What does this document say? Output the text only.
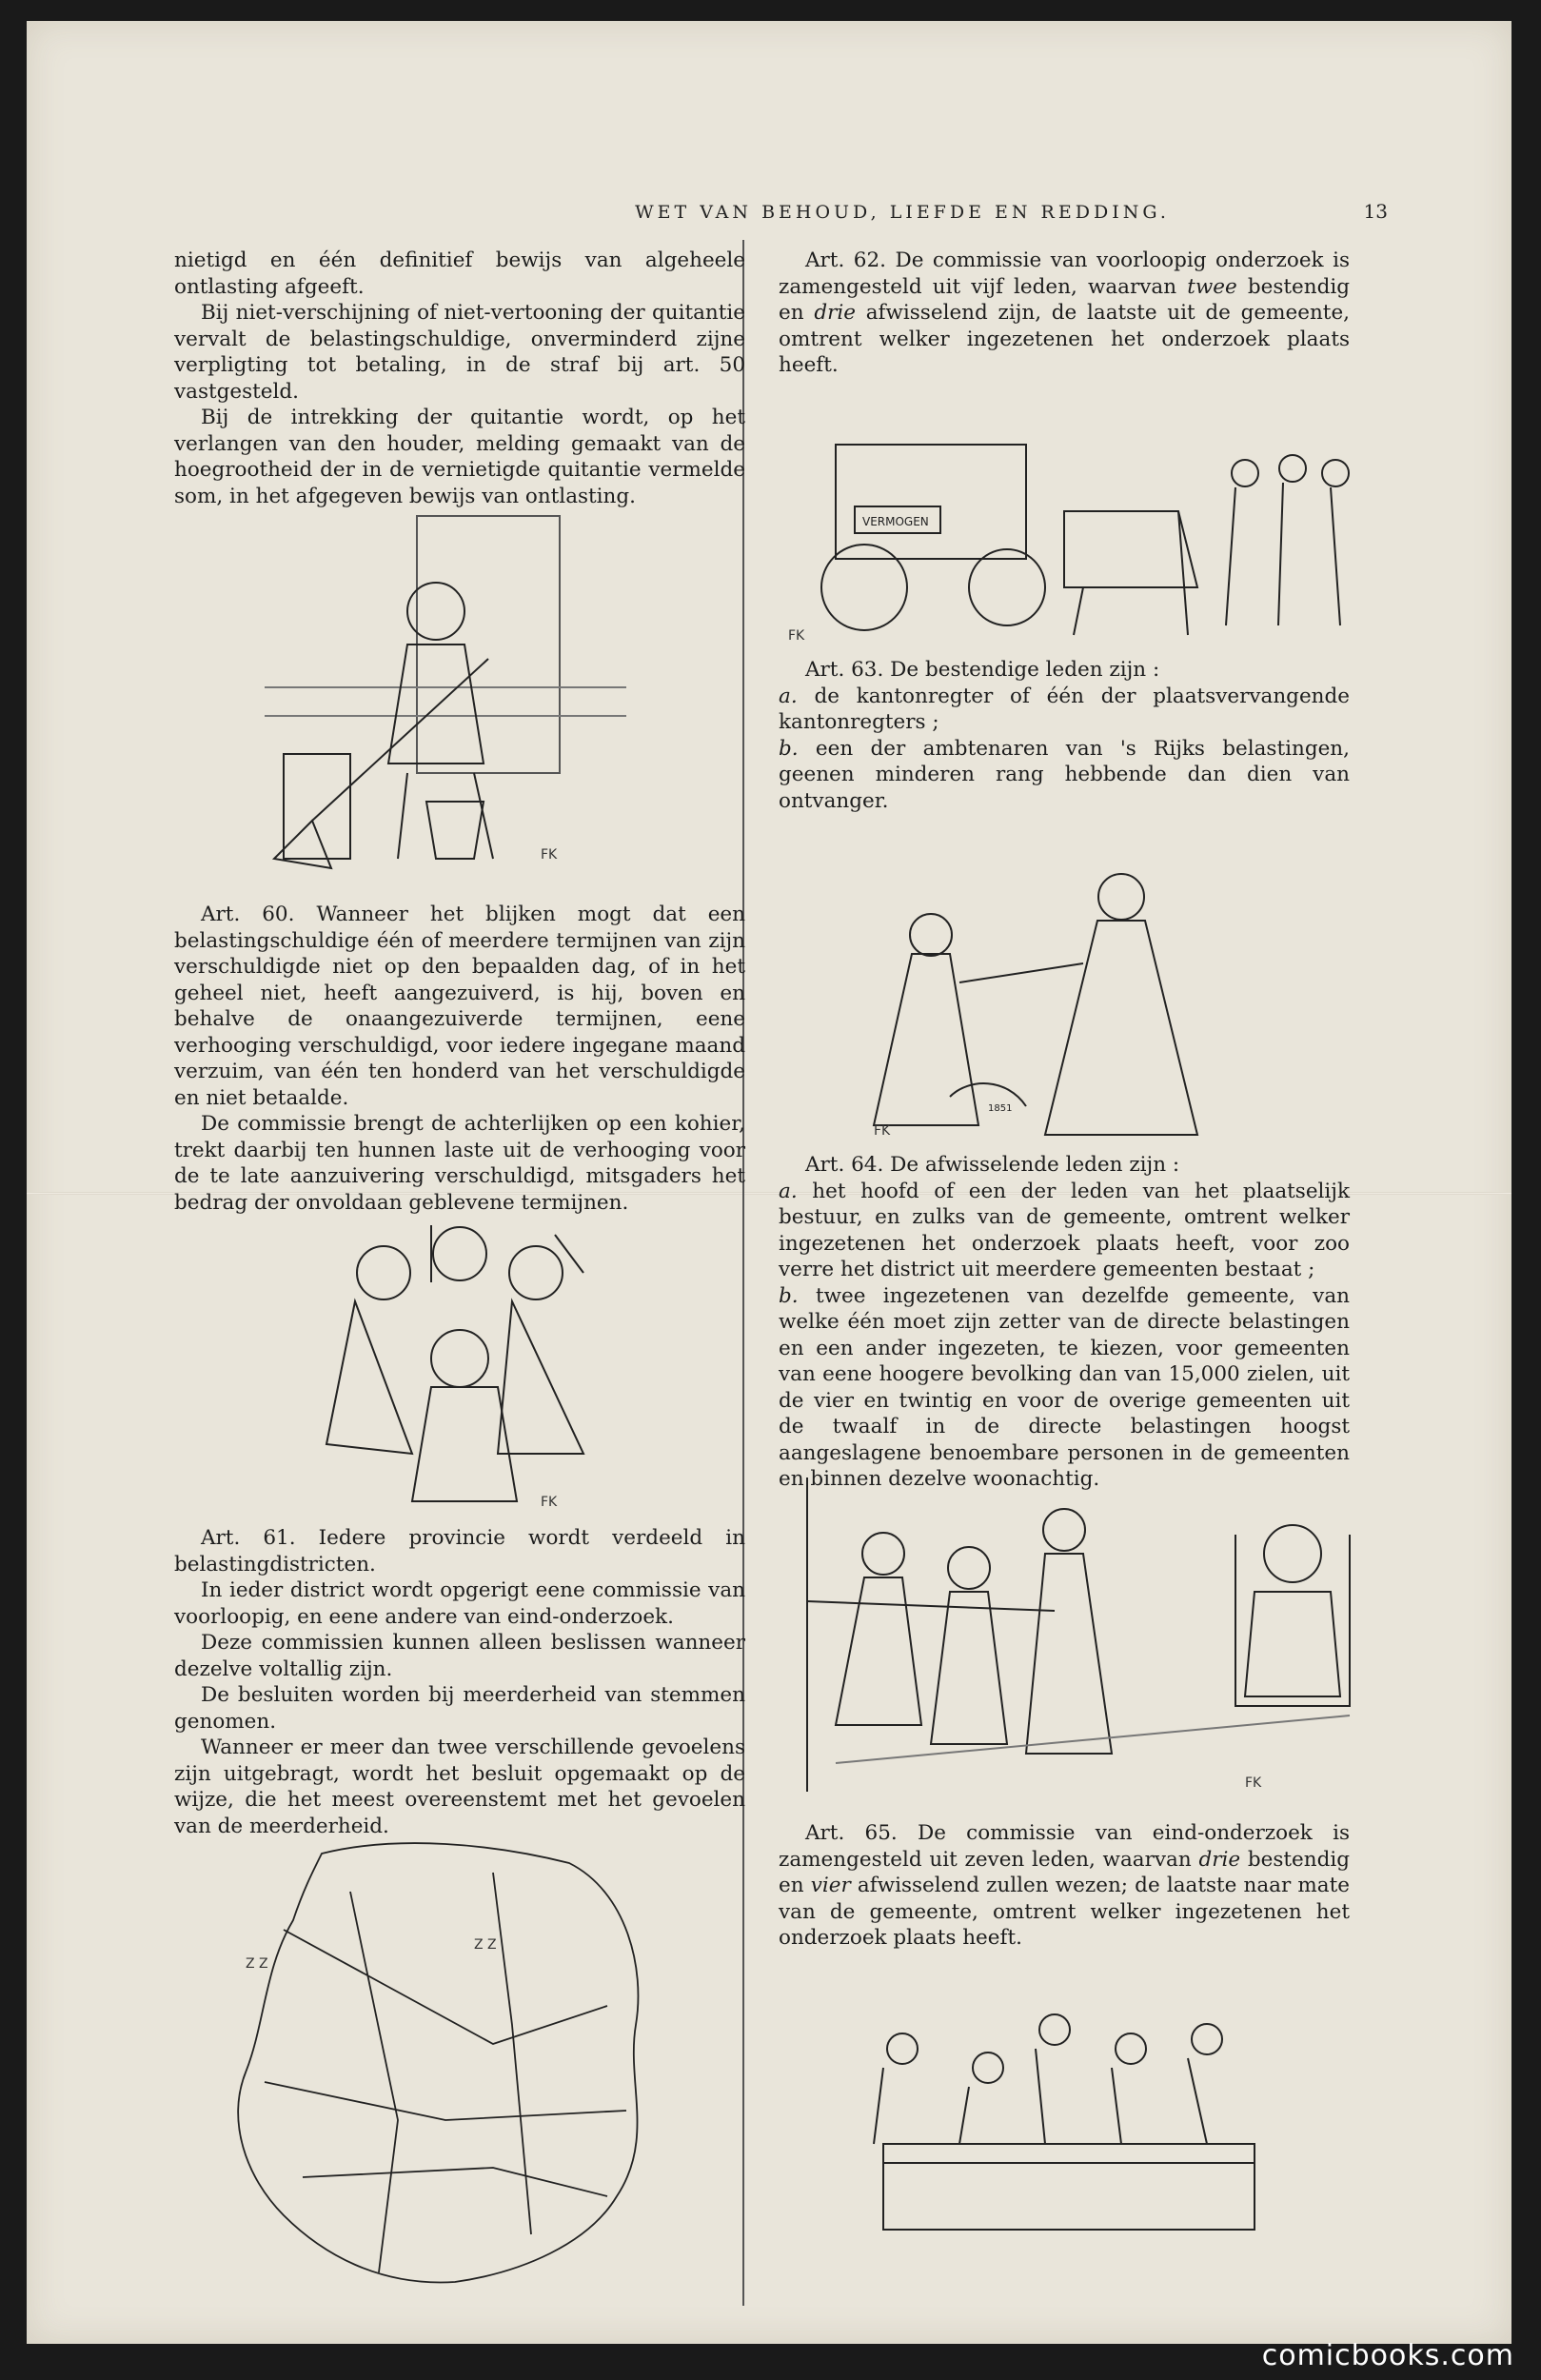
WET VAN BEHOUD, LIEFDE EN REDDING.	13

nietigd en één definitief bewijs van algeheele ontlasting afgeeft.

Bij niet-verschijning of niet-vertooning der quitantie vervalt de belastingschuldige, onverminderd zijne verpligting tot betaling, in de straf bij art. 50 vastgesteld.

Bij de intrekking der quitantie wordt, op het verlangen van den houder, melding gemaakt van de hoegrootheid der in de vernietigde quitantie vermelde som, in het afgegeven bewijs van ontlasting.

FK

Art. 60. Wanneer het blijken mogt dat een belastingschuldige één of meerdere termijnen van zijn verschuldigde niet op den bepaalden dag, of in het geheel niet, heeft aangezuiverd, is hij, boven en behalve de onaangezuiverde termijnen, eene verhooging verschuldigd, voor iedere ingegane maand verzuim, van één ten honderd van het verschuldigde en niet betaalde.

De commissie brengt de achterlijken op een kohier, trekt daarbij ten hunnen laste uit de verhooging voor de te late aanzuivering verschuldigd, mitsgaders het bedrag der onvoldaan geblevene termijnen.

FK

Art. 61. Iedere provincie wordt verdeeld in belastingdistricten.

In ieder district wordt opgerigt eene commissie van voorloopig, en eene andere van eind-onderzoek.

Deze commissien kunnen alleen beslissen wanneer dezelve voltallig zijn.

De besluiten worden bij meerderheid van stemmen genomen.

Wanneer er meer dan twee verschillende gevoelens zijn uitgebragt, wordt het besluit opgemaakt op de wijze, die het meest overeenstemt met het gevoelen van de meerderheid.

Z Z
Z Z

Art. 62. De commissie van voorloopig onderzoek is zamengesteld uit vijf leden, waarvan twee bestendig en drie afwisselend zijn, de laatste uit de gemeente, omtrent welker ingezetenen het onderzoek plaats heeft.

VERMOGEN
FK

Art. 63. De bestendige leden zijn :

a. de kantonregter of één der plaatsvervangende kantonregters ;

b. een der ambtenaren van 's Rijks belastingen, geenen minderen rang hebbende dan dien van ontvanger.

1851
FK

Art. 64. De afwisselende leden zijn :

a. het hoofd of een der leden van het plaatselijk bestuur, en zulks van de gemeente, omtrent welker ingezetenen het onderzoek plaats heeft, voor zoo verre het district uit meerdere gemeenten bestaat ;

b. twee ingezetenen van dezelfde gemeente, van welke één moet zijn zetter van de directe belastingen en een ander ingezeten, te kiezen, voor gemeenten van eene hoogere bevolking dan van 15,000 zielen, uit de vier en twintig en voor de overige gemeenten uit de twaalf in de directe belastingen hoogst aangeslagene benoembare personen in de gemeenten en binnen dezelve woonachtig.

FK

Art. 65. De commissie van eind-onderzoek is zamengesteld uit zeven leden, waarvan drie bestendig en vier afwisselend zullen wezen; de laatste naar mate van de gemeente, omtrent welker ingezetenen het onderzoek plaats heeft.

comicbooks.com
